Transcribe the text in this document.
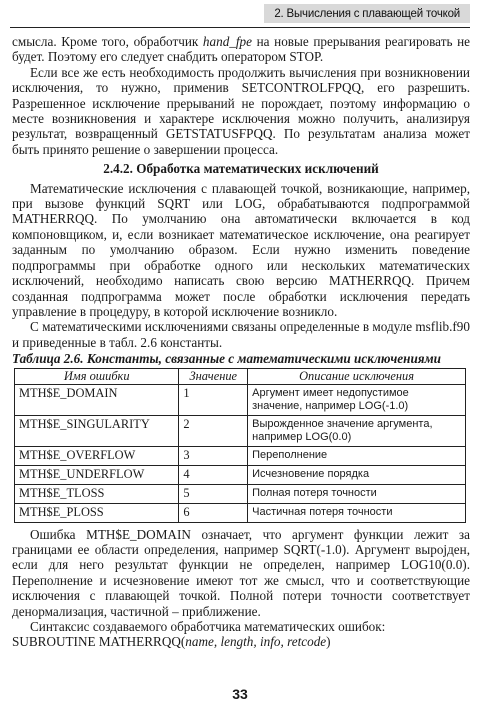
2. Вычисления с плавающей точкой

смысла. Кроме того, обработчик hand_fpe на новые прерывания реагировать не будет. Поэтому его следует снабдить оператором STOP.

Если все же есть необходимость продолжить вычисления при возникновении исключения, то нужно, применив SETCONTROLFPQQ, его разрешить. Разрешенное исключение прерываний не порождает, поэтому информацию о месте возникновения и характере исключения можно получить, анализируя результат, возвращенный GETSTATUSFPQQ. По результатам анализа может быть принято решение о завершении процесса.

2.4.2. Обработка математических исключений

Математические исключения с плавающей точкой, возникающие, например, при вызове функций SQRT или LOG, обрабатываются подпрограммой MATHERRQQ. По умолчанию она автоматически включается в код компоновщиком, и, если возникает математическое исключение, она реагирует заданным по умолчанию образом. Если нужно изменить поведение подпрограммы при обработке одного или нескольких математических исключений, необходимо написать свою версию MATHERRQQ. Причем созданная подпрограмма может после обработки исключения передать управление в процедуру, в которой исключение возникло.

С математическими исключениями связаны определенные в модуле msflib.f90 и приведенные в табл. 2.6 константы.

Таблица 2.6. Константы, связанные с математическими исключениями
Имя ошибки	Значение	Описание исключения
MTH$E_DOMAIN	1	Аргумент имеет недопустимое значение, например LOG(-1.0)
MTH$E_SINGULARITY	2	Вырожденное значение аргумента, например LOG(0.0)
MTH$E_OVERFLOW	3	Переполнение
MTH$E_UNDERFLOW	4	Исчезновение порядка
MTH$E_TLOSS	5	Полная потеря точности
MTH$E_PLOSS	6	Частичная потеря точности

Ошибка MTH$E_DOMAIN означает, что аргумент функции лежит за границами ее области определения, например SQRT(-1.0). Аргумент выроjден, если для него результат функции не определен, например LOG10(0.0). Переполнение и исчезновение имеют тот же смысл, что и соответствующие исключения с плавающей точкой. Полной потери точности соответствует денормализация, частичной – приближение.

Синтаксис создаваемого обработчика математических ошибок:

SUBROUTINE MATHERRQQ(name, length, info, retcode)

33
